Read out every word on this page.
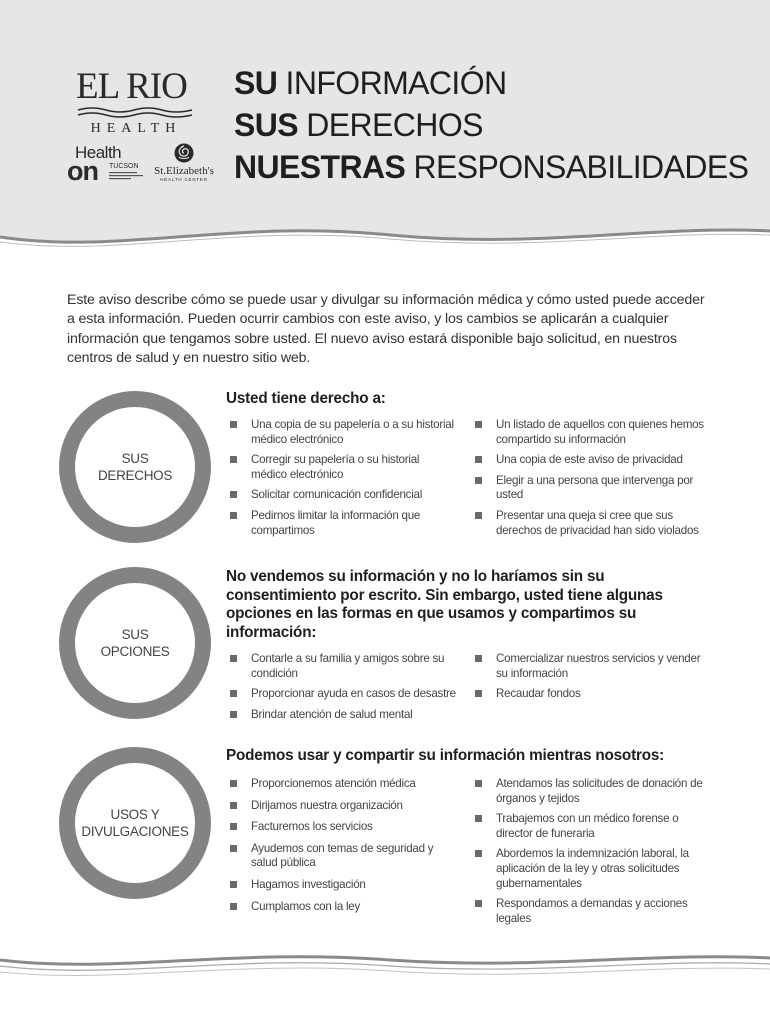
EL RIO
HEALTH
Health
on TUCSON St.Elizabeth's
HEALTH CENTER
SU INFORMACIÓN
SUS DERECHOS
NUESTRAS RESPONSABILIDADES

Este aviso describe cómo se puede usar y divulgar su información médica y cómo usted puede acceder a esta información. Pueden ocurrir cambios con este aviso, y los cambios se aplicarán a cualquier información que tengamos sobre usted. El nuevo aviso estará disponible bajo solicitud, en nuestros centros de salud y en nuestro sitio web.

SUS
DERECHOS
Usted tiene derecho a:
Una copia de su papelería o a su historial médico electrónico
Corregir su papelería o su historial médico electrónico
Solicitar comunicación confidencial
Pedirnos limitar la información que compartimos
Un listado de aquellos con quienes hemos compartido su información
Una copia de este aviso de privacidad
Elegir a una persona que intervenga por usted
Presentar una queja si cree que sus derechos de privacidad han sido violados
SUS
OPCIONES
No vendemos su información y no lo haríamos sin su consentimiento por escrito. Sin embargo, usted tiene algunas opciones en las formas en que usamos y compartimos su información:
Contarle a su familia y amigos sobre su condición
Proporcionar ayuda en casos de desastre
Brindar atención de salud mental
Comercializar nuestros servicios y vender su información
Recaudar fondos
USOS Y
DIVULGACIONES
Podemos usar y compartir su información mientras nosotros:
Proporcionemos atención médica
Dirijamos nuestra organización
Facturemos los servicios
Ayudemos con temas de seguridad y salud pública
Hagamos investigación
Cumplamos con la ley
Atendamos las solicitudes de donación de órganos y tejidos
Trabajemos con un médico forense o director de funeraria
Abordemos la indemnización laboral, la aplicación de la ley y otras solicitudes gubernamentales
Respondamos a demandas y acciones legales
